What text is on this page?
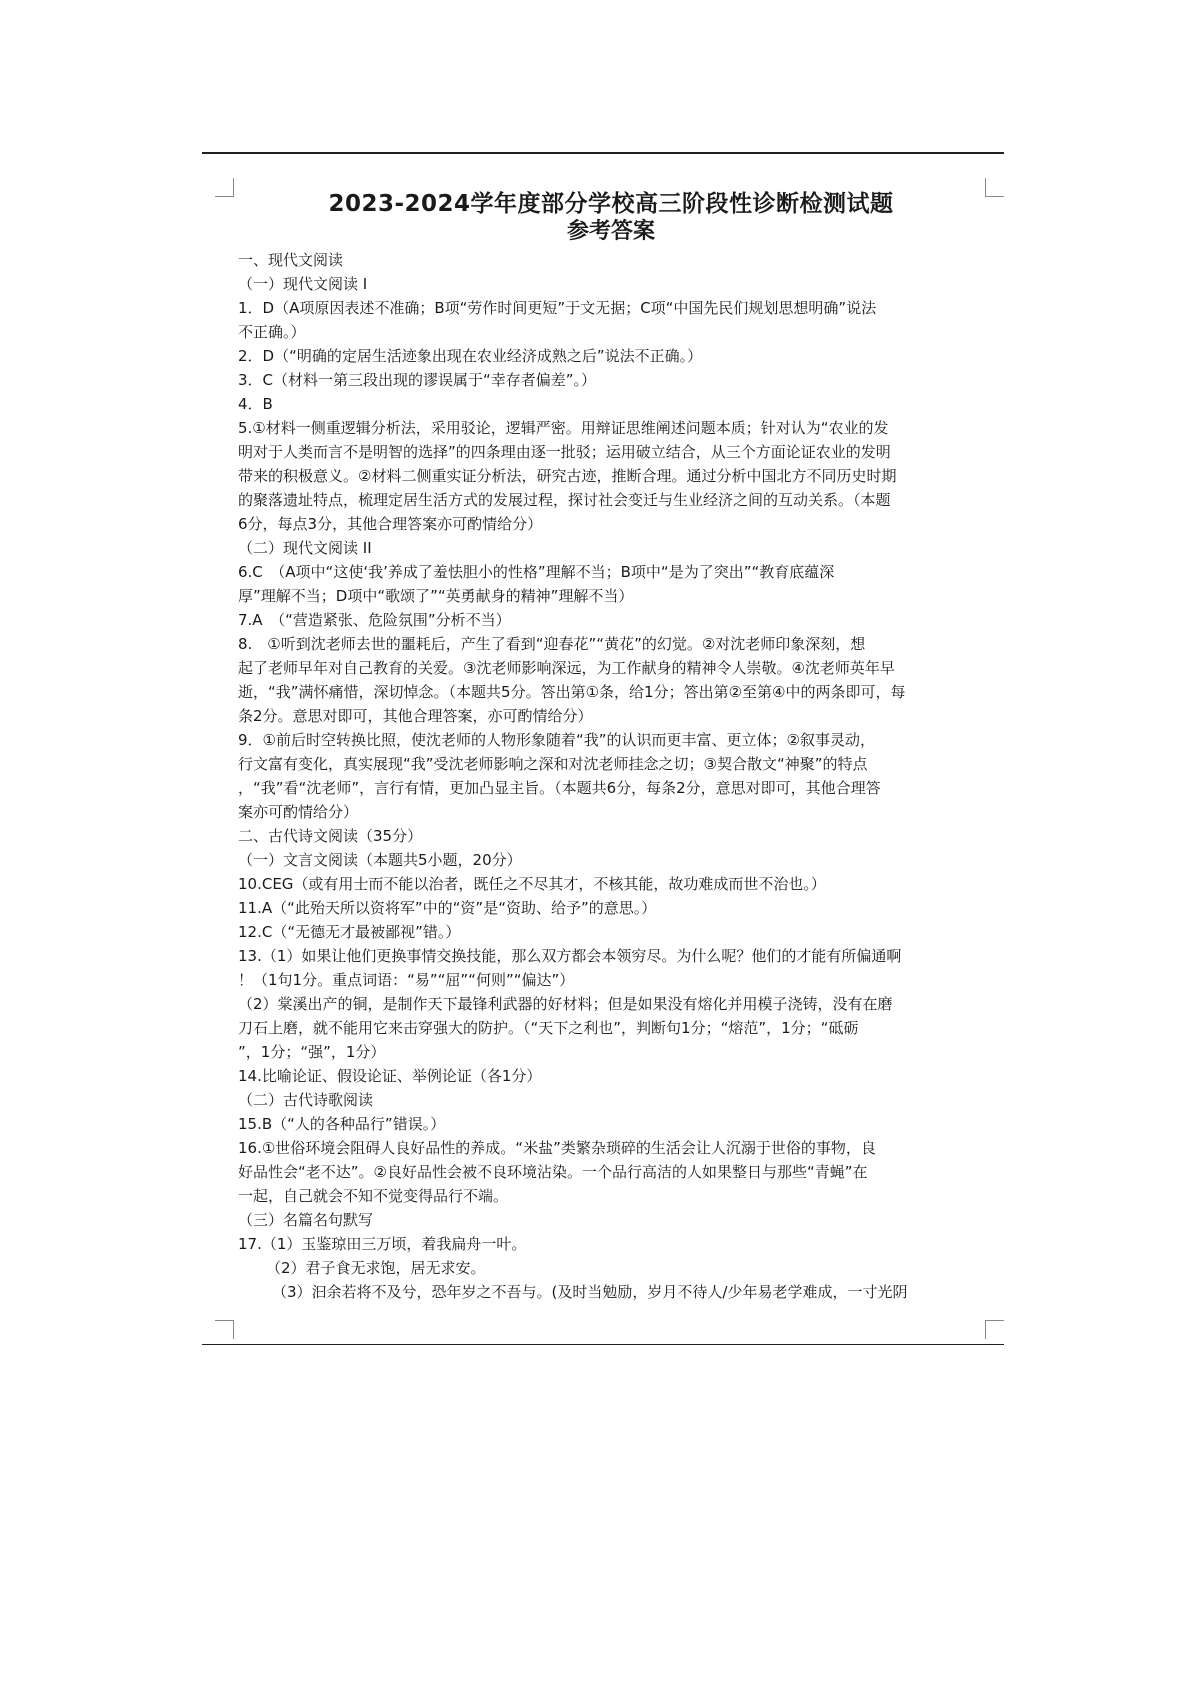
2023-2024学年度部分学校高三阶段性诊断检测试题
参考答案
一、现代文阅读
（一）现代文阅读 I
1．D（A项原因表述不准确；B项“劳作时间更短”于文无据；C项“中国先民们规划思想明确”说法
不正确。）
2．D（“明确的定居生活迹象出现在农业经济成熟之后”说法不正确。）
3．C（材料一第三段出现的谬误属于“幸存者偏差”。）
4．B
5.①材料一侧重逻辑分析法，采用驳论，逻辑严密。用辩证思维阐述问题本质；针对认为“农业的发
明对于人类而言不是明智的选择”的四条理由逐一批驳；运用破立结合，从三个方面论证农业的发明
带来的积极意义。②材料二侧重实证分析法，研究古迹，推断合理。通过分析中国北方不同历史时期
的聚落遗址特点，梳理定居生活方式的发展过程，探讨社会变迁与生业经济之间的互动关系。（本题
6分，每点3分，其他合理答案亦可酌情给分）
（二）现代文阅读 II
6.C　（A项中“这使‘我’养成了羞怯胆小的性格”理解不当；B项中“是为了突出”“教育底蕴深
厚”理解不当；D项中“歌颂了”“英勇献身的精神”理解不当）
7.A　（“营造紧张、危险氛围”分析不当）
8.　①听到沈老师去世的噩耗后，产生了看到“迎春花”“黄花”的幻觉。②对沈老师印象深刻，想
起了老师早年对自己教育的关爱。③沈老师影响深远，为工作献身的精神令人崇敬。④沈老师英年早
逝，“我”满怀痛惜，深切悼念。（本题共5分。答出第①条，给1分；答出第②至第④中的两条即可，每
条2分。意思对即可，其他合理答案，亦可酌情给分）
9．①前后时空转换比照，使沈老师的人物形象随着“我”的认识而更丰富、更立体；②叙事灵动，
行文富有变化，真实展现“我”受沈老师影响之深和对沈老师挂念之切；③契合散文“神聚”的特点
，“我”看“沈老师”，言行有情，更加凸显主旨。（本题共6分，每条2分，意思对即可，其他合理答
案亦可酌情给分）
二、古代诗文阅读（35分）
（一）文言文阅读（本题共5小题，20分）
10.CEG（或有用士而不能以治者，既任之不尽其才，不核其能，故功难成而世不治也。）
11.A（“此殆天所以资将军”中的“资”是“资助、给予”的意思。）
12.C（“无德无才最被鄙视”错。）
13.（1）如果让他们更换事情交换技能，那么双方都会本领穷尽。为什么呢？他们的才能有所偏通啊
！（1句1分。重点词语：“易”“屈”“何则”“偏达”）
（2）棠溪出产的铜，是制作天下最锋利武器的好材料；但是如果没有熔化并用模子浇铸，没有在磨
刀石上磨，就不能用它来击穿强大的防护。（“天下之利也”，判断句1分；“熔范”，1分；“砥砺
”，1分；“强”，1分）
14.比喻论证、假设论证、举例论证（各1分）
（二）古代诗歌阅读
15.B（“人的各种品行”错误。）
16.①世俗环境会阻碍人良好品性的养成。“米盐”类繁杂琐碎的生活会让人沉溺于世俗的事物，良
好品性会“老不达”。②良好品性会被不良环境沾染。一个品行高洁的人如果整日与那些“青蝇”在
一起，自己就会不知不觉变得品行不端。
（三）名篇名句默写
17.（1）玉鉴琼田三万顷，着我扁舟一叶。
（2）君子食无求饱，居无求安。
（3）汩余若将不及兮，恐年岁之不吾与。(及时当勉励，岁月不待人/少年易老学难成，一寸光阴
